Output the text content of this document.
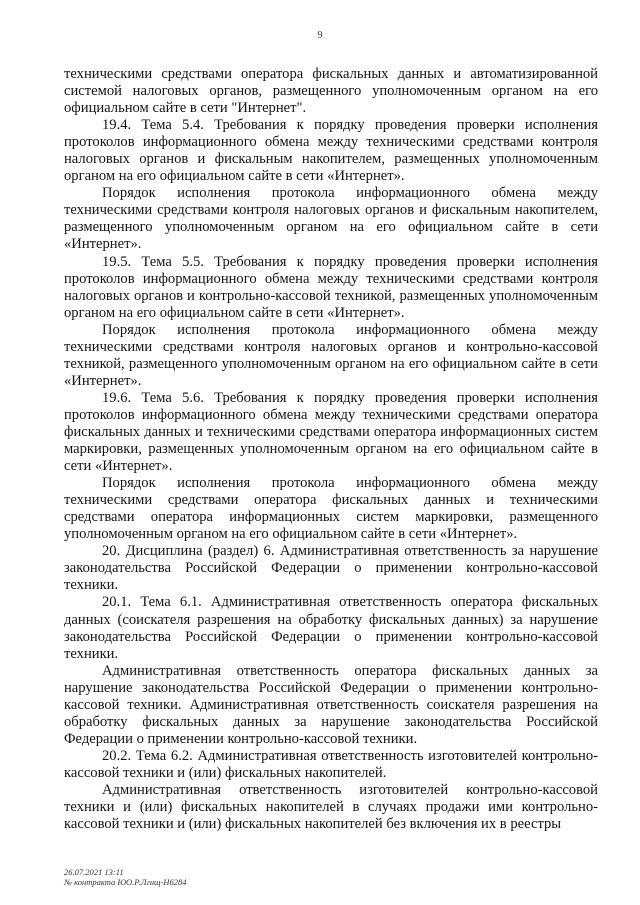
9

техническими средствами оператора фискальных данных и автоматизированной системой налоговых органов, размещенного уполномоченным органом на его официальном сайте в сети "Интернет".

19.4. Тема 5.4. Требования к порядку проведения проверки исполнения протоколов информационного обмена между техническими средствами контроля налоговых органов и фискальным накопителем, размещенных уполномоченным органом на его официальном сайте в сети «Интернет».

Порядок исполнения протокола информационного обмена между техническими средствами контроля налоговых органов и фискальным накопителем, размещенного уполномоченным органом на его официальном сайте в сети «Интернет».

19.5. Тема 5.5. Требования к порядку проведения проверки исполнения протоколов информационного обмена между техническими средствами контроля налоговых органов и контрольно-кассовой техникой, размещенных уполномоченным органом на его официальном сайте в сети «Интернет».

Порядок исполнения протокола информационного обмена между техническими средствами контроля налоговых органов и контрольно-кассовой техникой, размещенного уполномоченным органом на его официальном сайте в сети «Интернет».

19.6. Тема 5.6. Требования к порядку проведения проверки исполнения протоколов информационного обмена между техническими средствами оператора фискальных данных и техническими средствами оператора информационных систем маркировки, размещенных уполномоченным органом на его официальном сайте в сети «Интернет».

Порядок исполнения протокола информационного обмена между техническими средствами оператора фискальных данных и техническими средствами оператора информационных систем маркировки, размещенного уполномоченным органом на его официальном сайте в сети «Интернет».

20. Дисциплина (раздел) 6. Административная ответственность за нарушение законодательства Российской Федерации о применении контрольно-кассовой техники.

20.1. Тема 6.1. Административная ответственность оператора фискальных данных (соискателя разрешения на обработку фискальных данных) за нарушение законодательства Российской Федерации о применении контрольно-кассовой техники.

Административная ответственность оператора фискальных данных за нарушение законодательства Российской Федерации о применении контрольно-кассовой техники. Административная ответственность соискателя разрешения на обработку фискальных данных за нарушение законодательства Российской Федерации о применении контрольно-кассовой техники.

20.2. Тема 6.2. Административная ответственность изготовителей контрольно-кассовой техники и (или) фискальных накопителей.

Административная ответственность изготовителей контрольно-кассовой техники и (или) фискальных накопителей в случаях продажи ими контрольно-кассовой техники и (или) фискальных накопителей без включения их в реестры

26.07.2021 13:11
№ контракта ЮО.Р.Лгнщ-Н6284
